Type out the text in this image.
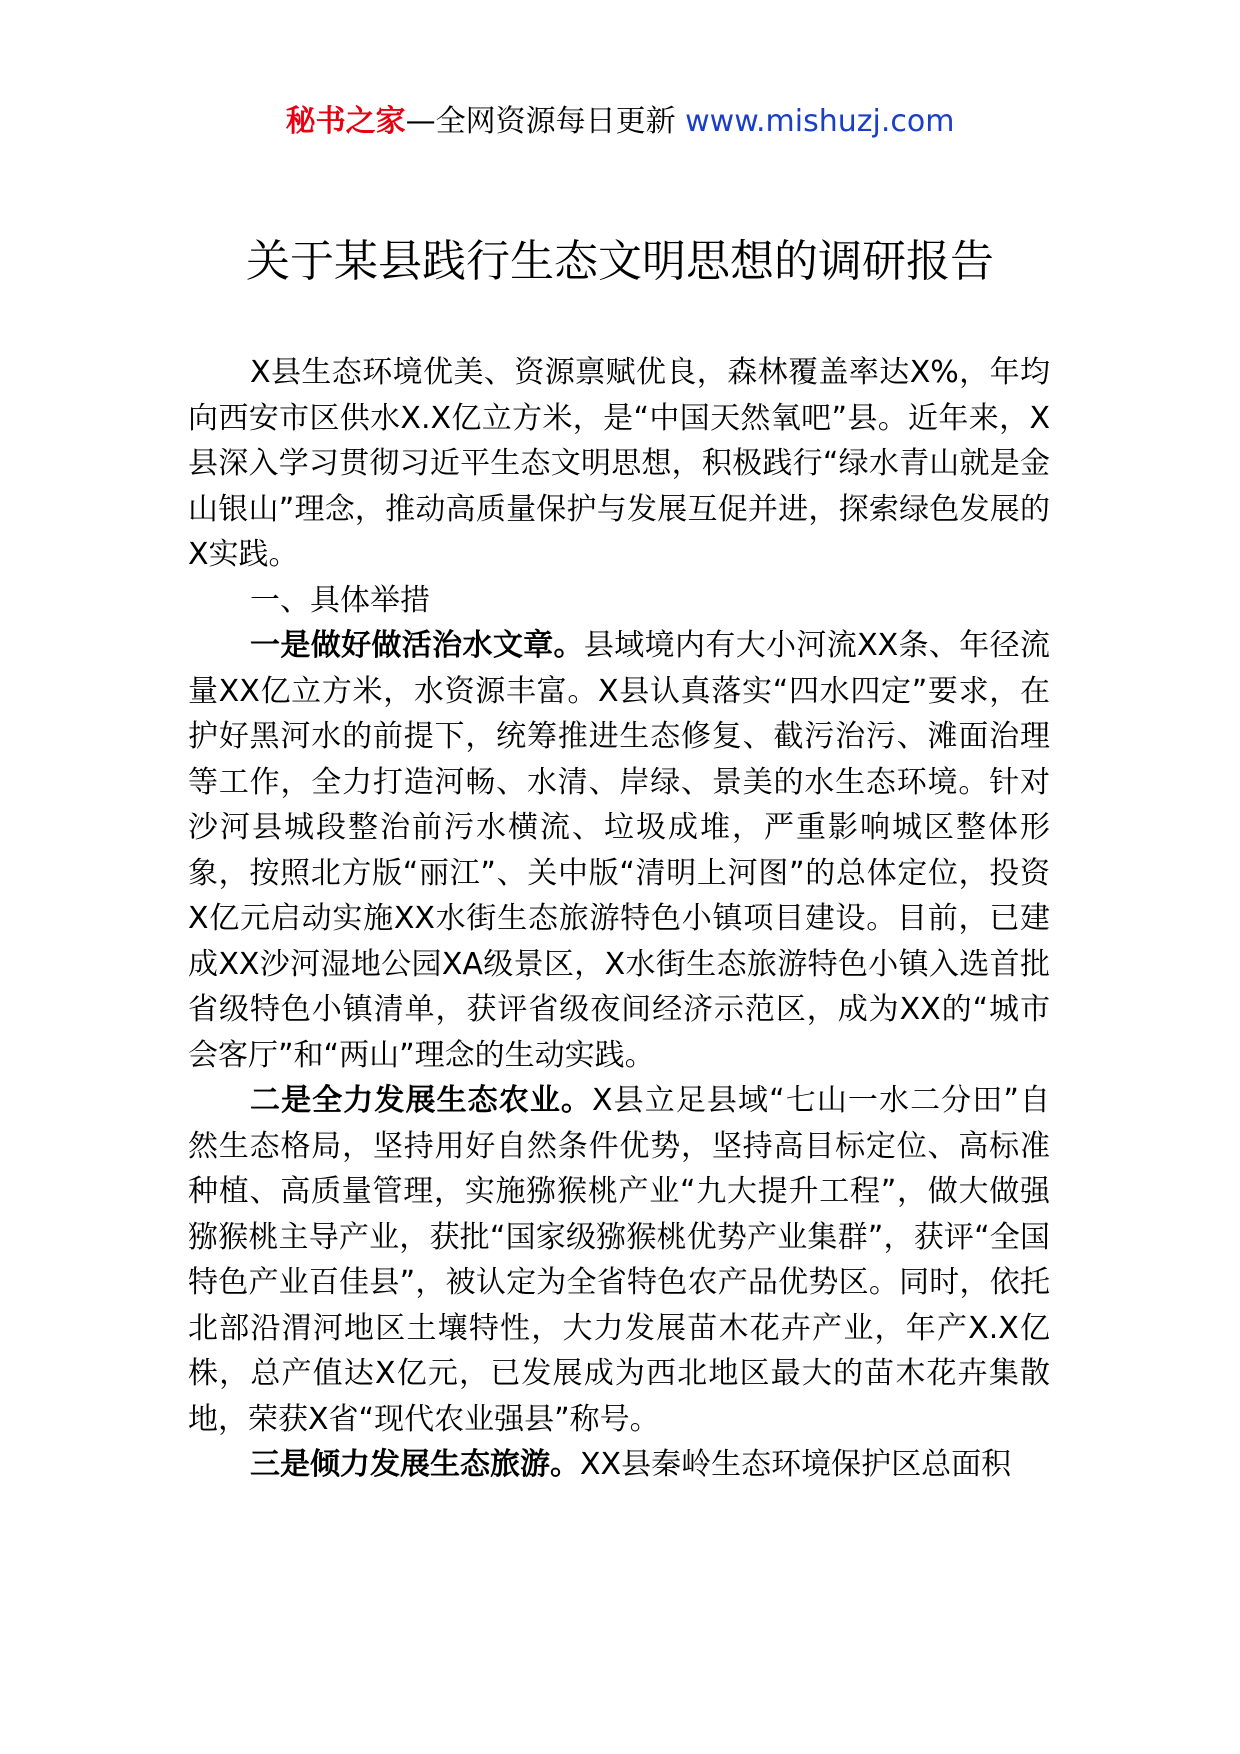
秘书之家—全网资源每日更新 www.mishuzj.com
关于某县践行生态文明思想的调研报告

X县生态环境优美、资源禀赋优良，森林覆盖率达X%，年均向西安市区供水X.X亿立方米，是“中国天然氧吧”县。近年来，X县深入学习贯彻习近平生态文明思想，积极践行“绿水青山就是金山银山”理念，推动高质量保护与发展互促并进，探索绿色发展的X实践。

一、具体举措

一是做好做活治水文章。县域境内有大小河流XX条、年径流量XX亿立方米，水资源丰富。X县认真落实“四水四定”要求，在护好黑河水的前提下，统筹推进生态修复、截污治污、滩面治理等工作，全力打造河畅、水清、岸绿、景美的水生态环境。针对沙河县城段整治前污水横流、垃圾成堆，严重影响城区整体形象，按照北方版“丽江”、关中版“清明上河图”的总体定位，投资X亿元启动实施XX水街生态旅游特色小镇项目建设。目前，已建成XX沙河湿地公园XA级景区，X水街生态旅游特色小镇入选首批省级特色小镇清单，获评省级夜间经济示范区，成为XX的“城市会客厅”和“两山”理念的生动实践。

二是全力发展生态农业。X县立足县域“七山一水二分田”自然生态格局，坚持用好自然条件优势，坚持高目标定位、高标准种植、高质量管理，实施猕猴桃产业“九大提升工程”，做大做强猕猴桃主导产业，获批“国家级猕猴桃优势产业集群”，获评“全国特色产业百佳县”，被认定为全省特色农产品优势区。同时，依托北部沿渭河地区土壤特性，大力发展苗木花卉产业，年产X.X亿株，总产值达X亿元，已发展成为西北地区最大的苗木花卉集散地，荣获X省“现代农业强县”称号。

三是倾力发展生态旅游。XX县秦岭生态环境保护区总面积
